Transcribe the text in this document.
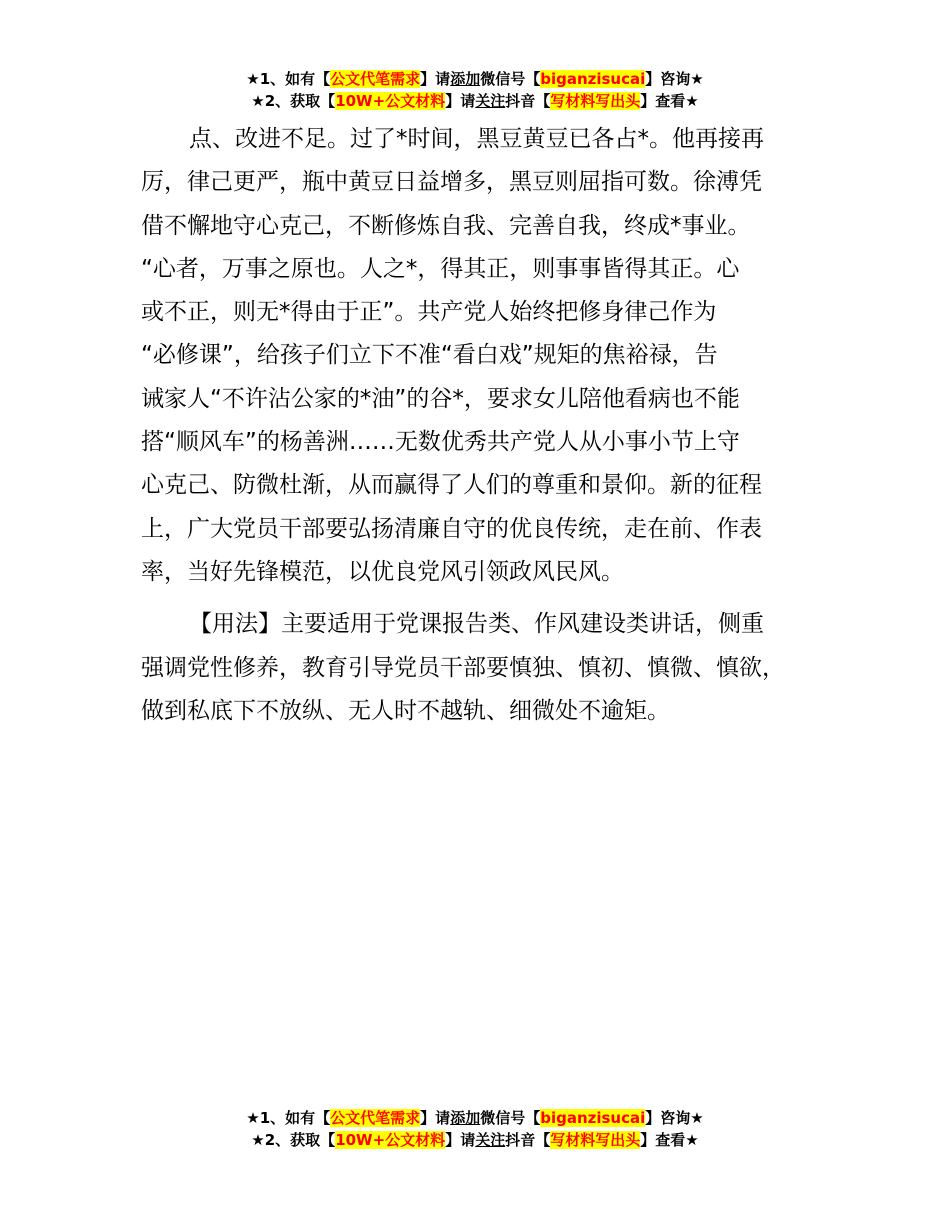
★1、如有【公文代笔需求】请添加微信号【biganzisucai】咨询★
★2、获取【10W+公文材料】请关注抖音【写材料写出头】查看★

点、改进不足。过了*时间，黑豆黄豆已各占*。他再接再
厉，律己更严，瓶中黄豆日益增多，黑豆则屈指可数。徐溥凭
借不懈地守心克己，不断修炼自我、完善自我，终成*事业。
“心者，万事之原也。人之*，得其正，则事事皆得其正。心
或不正，则无*得由于正”。共产党人始终把修身律己作为
“必修课”，给孩子们立下不准“看白戏”规矩的焦裕禄，告
诫家人“不许沾公家的*油”的谷*，要求女儿陪他看病也不能
搭“顺风车”的杨善洲……无数优秀共产党人从小事小节上守
心克己、防微杜渐，从而赢得了人们的尊重和景仰。新的征程
上，广大党员干部要弘扬清廉自守的优良传统，走在前、作表
率，当好先锋模范，以优良党风引领政风民风。

【用法】主要适用于党课报告类、作风建设类讲话，侧重
强调党性修养，教育引导党员干部要慎独、慎初、慎微、慎欲，
做到私底下不放纵、无人时不越轨、细微处不逾矩。

★1、如有【公文代笔需求】请添加微信号【biganzisucai】咨询★
★2、获取【10W+公文材料】请关注抖音【写材料写出头】查看★
